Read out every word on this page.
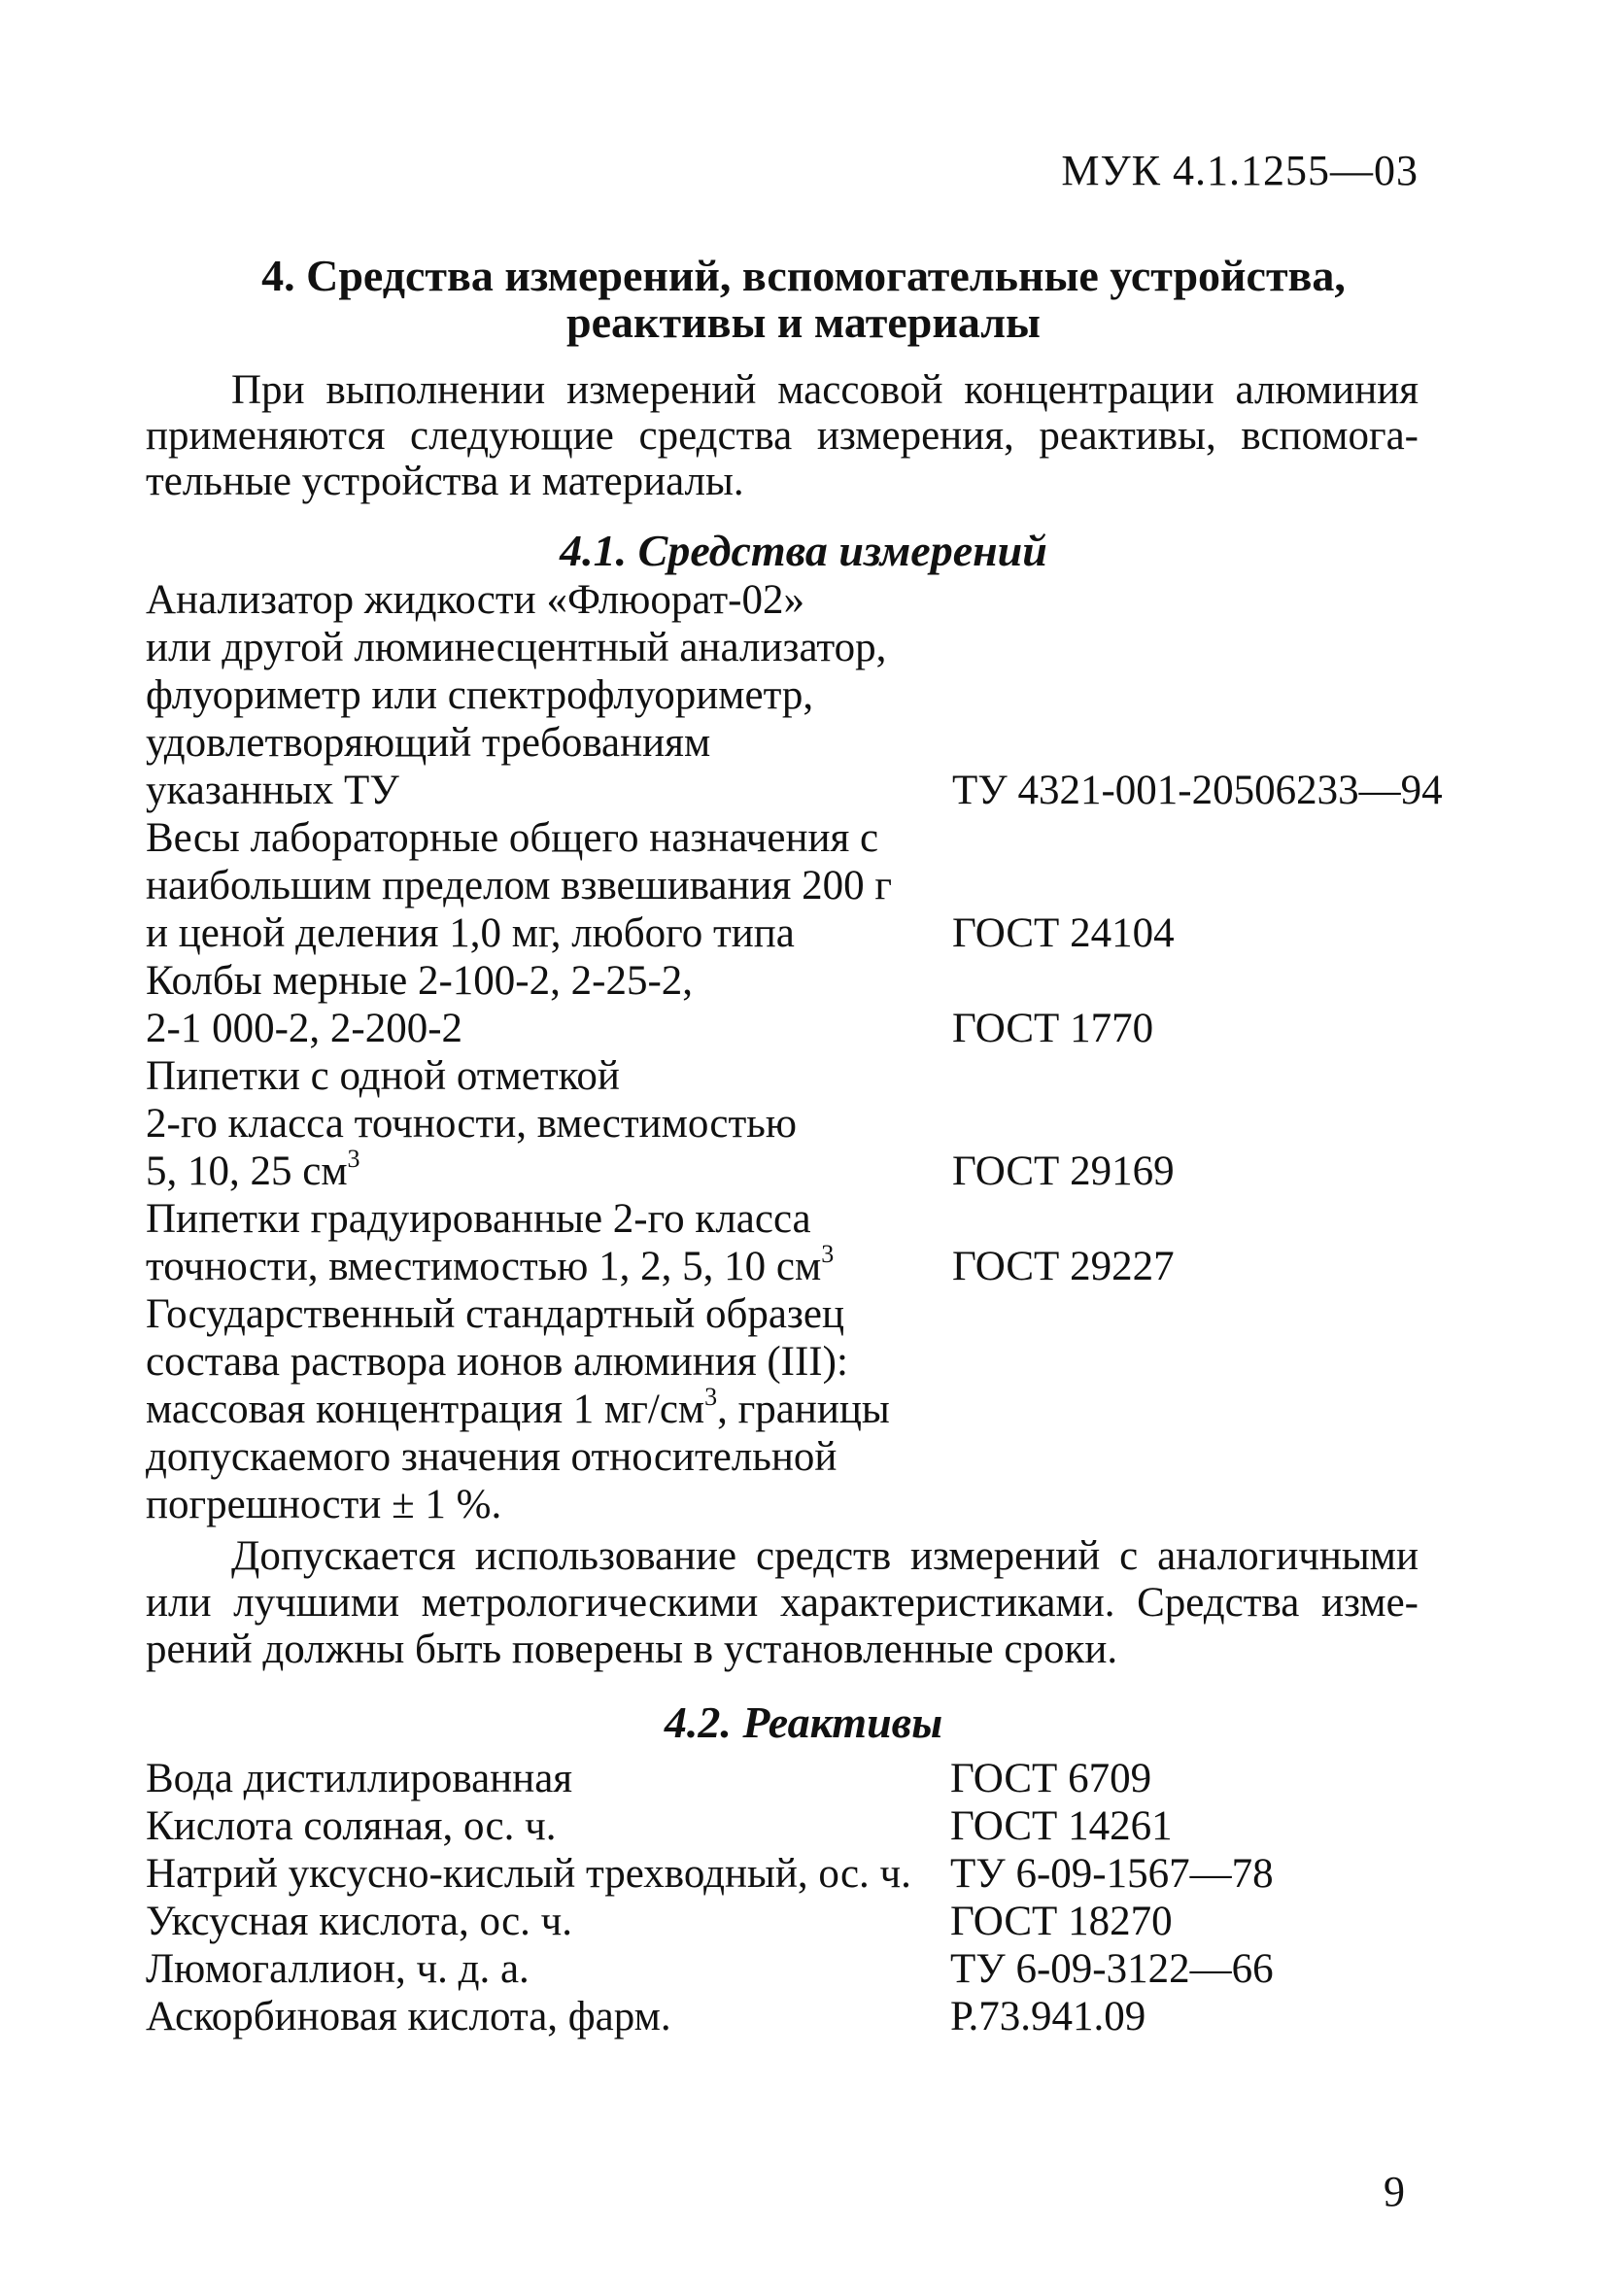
МУК 4.1.1255—03
4. Средства измерений, вспомогательные устройства,
реактивы и материалы
При выполнении измерений массовой концентрации алюминия
применяются следующие средства измерения, реактивы, вспомога-
тельные устройства и материалы.
4.1. Средства измерений
Анализатор жидкости «Флюорат-02»
или другой люминесцентный анализатор,
флуориметр или спектрофлуориметр,
удовлетворяющий требованиям
указанных ТУ	ТУ 4321-001-20506233—94
Весы лабораторные общего назначения с
наибольшим пределом взвешивания 200 г
и ценой деления 1,0 мг, любого типа	ГОСТ 24104
Колбы мерные 2-100-2, 2-25-2,
2-1 000-2, 2-200-2	ГОСТ 1770
Пипетки с одной отметкой
2-го класса точности, вместимостью
5, 10, 25 $см^3$	ГОСТ 29169
Пипетки градуированные 2-го класса
точности, вместимостью 1, 2, 5, 10 $см^3$	ГОСТ 29227
Государственный стандартный образец
состава раствора ионов алюминия (III):
массовая концентрация 1 $мг/см^3$, границы
допускаемого значения относительной
погрешности ± 1 %.
Допускается использование средств измерений с аналогичными
или лучшими метрологическими характеристиками. Средства изме-
рений должны быть поверены в установленные сроки.
4.2. Реактивы
Вода дистиллированная	ГОСТ 6709
Кислота соляная, ос. ч.	ГОСТ 14261
Натрий уксусно-кислый трехводный, ос. ч. ТУ 6-09-1567—78
Уксусная кислота, ос. ч.	ГОСТ 18270
Люмогаллион, ч. д. а.	ТУ 6-09-3122—66
Аскорбиновая кислота, фарм.	Р.73.941.09
9
